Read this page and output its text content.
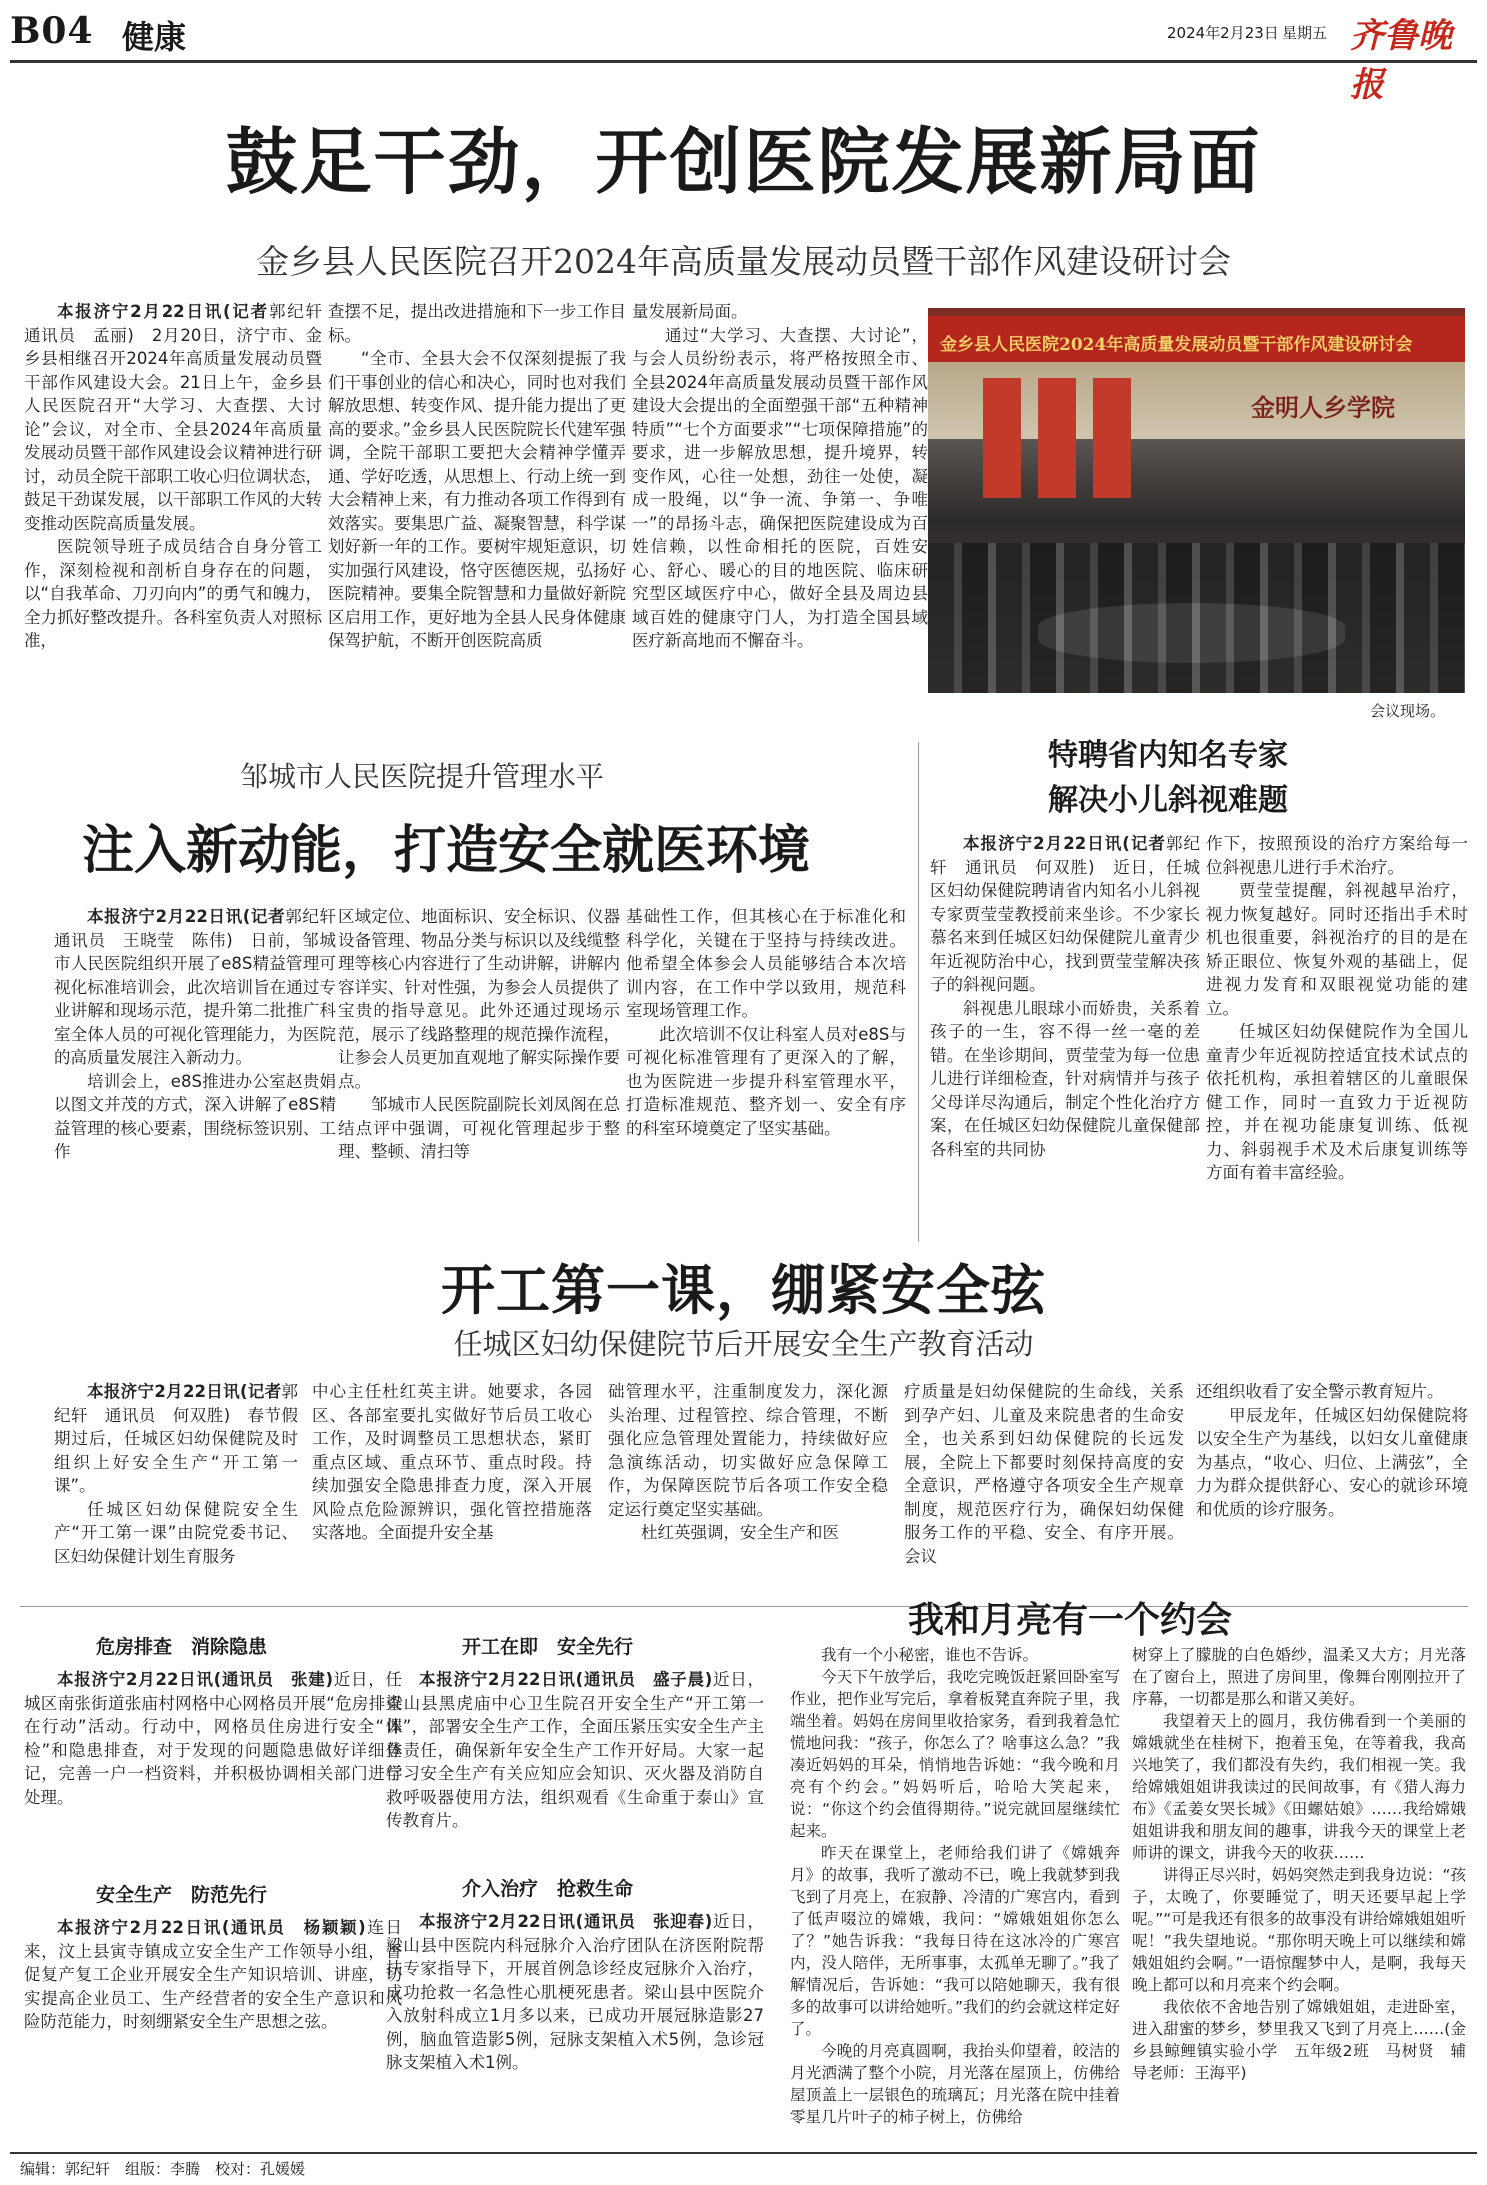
B04 健康	2024年2月23日 星期五 齐鲁晚报
鼓足干劲，开创医院发展新局面
金乡县人民医院召开2024年高质量发展动员暨干部作风建设研讨会

本报济宁2月22日讯(记者郭纪轩　通讯员　孟丽)　2月20日，济宁市、金乡县相继召开2024年高质量发展动员暨干部作风建设大会。21日上午，金乡县人民医院召开“大学习、大查摆、大讨论”会议，对全市、全县2024年高质量发展动员暨干部作风建设会议精神进行研讨，动员全院干部职工收心归位调状态，鼓足干劲谋发展，以干部职工作风的大转变推动医院高质量发展。

医院领导班子成员结合自身分管工作，深刻检视和剖析自身存在的问题，以“自我革命、刀刃向内”的勇气和魄力，全力抓好整改提升。各科室负责人对照标准，

查摆不足，提出改进措施和下一步工作目标。

“全市、全县大会不仅深刻提振了我们干事创业的信心和决心，同时也对我们解放思想、转变作风、提升能力提出了更高的要求。”金乡县人民医院院长代建军强调，全院干部职工要把大会精神学懂弄通、学好吃透，从思想上、行动上统一到大会精神上来，有力推动各项工作得到有效落实。要集思广益、凝聚智慧，科学谋划好新一年的工作。要树牢规矩意识，切实加强行风建设，恪守医德医规，弘扬好医院精神。要集全院智慧和力量做好新院区启用工作，更好地为全县人民身体健康保驾护航，不断开创医院高质

量发展新局面。

通过“大学习、大查摆、大讨论”，与会人员纷纷表示，将严格按照全市、全县2024年高质量发展动员暨干部作风建设大会提出的全面塑强干部“五种精神特质”“七个方面要求”“七项保障措施”的要求，进一步解放思想，提升境界，转变作风，心往一处想，劲往一处使，凝成一股绳，以“争一流、争第一、争唯一”的昂扬斗志，确保把医院建设成为百姓信赖，以性命相托的医院，百姓安心、舒心、暖心的目的地医院、临床研究型区域医疗中心，做好全县及周边县域百姓的健康守门人，为打造全国县域医疗新高地而不懈奋斗。

金乡县人民医院2024年高质量发展动员暨干部作风建设研讨会
金明人乡学院
会议现场。
邹城市人民医院提升管理水平
注入新动能，打造安全就医环境

本报济宁2月22日讯(记者郭纪轩　通讯员　王晓莹　陈伟)　日前，邹城市人民医院组织开展了e8S精益管理可视化标准培训会，此次培训旨在通过专业讲解和现场示范，提升第二批推广科室全体人员的可视化管理能力，为医院的高质量发展注入新动力。

培训会上，e8S推进办公室赵贵娟以图文并茂的方式，深入讲解了e8S精益管理的核心要素，围绕标签识别、工作

区域定位、地面标识、安全标识、仪器设备管理、物品分类与标识以及线缆整理等核心内容进行了生动讲解，讲解内容详实、针对性强，为参会人员提供了宝贵的指导意见。此外还通过现场示范，展示了线路整理的规范操作流程，让参会人员更加直观地了解实际操作要点。

邹城市人民医院副院长刘凤阁在总结点评中强调，可视化管理起步于整理、整顿、清扫等

基础性工作，但其核心在于标准化和科学化，关键在于坚持与持续改进。他希望全体参会人员能够结合本次培训内容，在工作中学以致用，规范科室现场管理工作。

此次培训不仅让科室人员对e8S与可视化标准管理有了更深入的了解，也为医院进一步提升科室管理水平，打造标准规范、整齐划一、安全有序的科室环境奠定了坚实基础。

特聘省内知名专家
解决小儿斜视难题

本报济宁2月22日讯(记者郭纪轩　通讯员　何双胜)　近日，任城区妇幼保健院聘请省内知名小儿斜视专家贾莹莹教授前来坐诊。不少家长慕名来到任城区妇幼保健院儿童青少年近视防治中心，找到贾莹莹解决孩子的斜视问题。

斜视患儿眼球小而娇贵，关系着孩子的一生，容不得一丝一毫的差错。在坐诊期间，贾莹莹为每一位患儿进行详细检查，针对病情并与孩子父母详尽沟通后，制定个性化治疗方案，在任城区妇幼保健院儿童保健部各科室的共同协

作下，按照预设的治疗方案给每一位斜视患儿进行手术治疗。

贾莹莹提醒，斜视越早治疗，视力恢复越好。同时还指出手术时机也很重要，斜视治疗的目的是在矫正眼位、恢复外观的基础上，促进视力发育和双眼视觉功能的建立。

任城区妇幼保健院作为全国儿童青少年近视防控适宜技术试点的依托机构，承担着辖区的儿童眼保健工作，同时一直致力于近视防控，并在视功能康复训练、低视力、斜弱视手术及术后康复训练等方面有着丰富经验。

开工第一课，绷紧安全弦
任城区妇幼保健院节后开展安全生产教育活动

本报济宁2月22日讯(记者郭纪轩　通讯员　何双胜)　春节假期过后，任城区妇幼保健院及时组织上好安全生产“开工第一课”。

任城区妇幼保健院安全生产“开工第一课”由院党委书记、区妇幼保健计划生育服务

中心主任杜红英主讲。她要求，各园区、各部室要扎实做好节后员工收心工作，及时调整员工思想状态，紧盯重点区域、重点环节、重点时段。持续加强安全隐患排查力度，深入开展风险点危险源辨识，强化管控措施落实落地。全面提升安全基

础管理水平，注重制度发力，深化源头治理、过程管控、综合管理，不断强化应急管理处置能力，持续做好应急演练活动，切实做好应急保障工作，为保障医院节后各项工作安全稳定运行奠定坚实基础。

杜红英强调，安全生产和医

疗质量是妇幼保健院的生命线，关系到孕产妇、儿童及来院患者的生命安全，也关系到妇幼保健院的长远发展，全院上下都要时刻保持高度的安全意识，严格遵守各项安全生产规章制度，规范医疗行为，确保妇幼保健服务工作的平稳、安全、有序开展。会议

还组织收看了安全警示教育短片。

甲辰龙年，任城区妇幼保健院将以安全生产为基线，以妇女儿童健康为基点，“收心、归位、上满弦”，全力为群众提供舒心、安心的就诊环境和优质的诊疗服务。

危房排查　消除隐患

本报济宁2月22日讯(通讯员　张建)近日，任城区南张街道张庙村网格中心网格员开展“危房排查在行动”活动。行动中，网格员住房进行安全“体检”和隐患排查，对于发现的问题隐患做好详细登记，完善一户一档资料，并积极协调相关部门进行处理。

安全生产　防范先行

本报济宁2月22日讯(通讯员　杨颖颖)连日来，汶上县寅寺镇成立安全生产工作领导小组，督促复产复工企业开展安全生产知识培训、讲座，切实提高企业员工、生产经营者的安全生产意识和风险防范能力，时刻绷紧安全生产思想之弦。

开工在即　安全先行

本报济宁2月22日讯(通讯员　盛子晨)近日，梁山县黑虎庙中心卫生院召开安全生产“开工第一课”，部署安全生产工作，全面压紧压实安全生产主体责任，确保新年安全生产工作开好局。大家一起学习安全生产有关应知应会知识、灭火器及消防自救呼吸器使用方法，组织观看《生命重于泰山》宣传教育片。

介入治疗　抢救生命

本报济宁2月22日讯(通讯员　张迎春)近日，梁山县中医院内科冠脉介入治疗团队在济医附院帮扶专家指导下，开展首例急诊经皮冠脉介入治疗，成功抢救一名急性心肌梗死患者。梁山县中医院介入放射科成立1月多以来，已成功开展冠脉造影27例，脑血管造影5例，冠脉支架植入术5例，急诊冠脉支架植入术1例。

我和月亮有一个约会

我有一个小秘密，谁也不告诉。

今天下午放学后，我吃完晚饭赶紧回卧室写作业，把作业写完后，拿着板凳直奔院子里，我端坐着。妈妈在房间里收拾家务，看到我着急忙慌地问我：“孩子，你怎么了？啥事这么急？”我凑近妈妈的耳朵，悄悄地告诉她：“我今晚和月亮有个约会。”妈妈听后，哈哈大笑起来，说：“你这个约会值得期待。”说完就回屋继续忙起来。

昨天在课堂上，老师给我们讲了《嫦娥奔月》的故事，我听了激动不已，晚上我就梦到我飞到了月亮上，在寂静、冷清的广寒宫内，看到了低声啜泣的嫦娥，我问：“嫦娥姐姐你怎么了？”她告诉我：“我每日待在这冰冷的广寒宫内，没人陪伴，无所事事，太孤单无聊了。”我了解情况后，告诉她：“我可以陪她聊天，我有很多的故事可以讲给她听。”我们的约会就这样定好了。

今晚的月亮真圆啊，我抬头仰望着，皎洁的月光洒满了整个小院，月光落在屋顶上，仿佛给屋顶盖上一层银色的琉璃瓦；月光落在院中挂着零星几片叶子的柿子树上，仿佛给

树穿上了朦胧的白色婚纱，温柔又大方；月光落在了窗台上，照进了房间里，像舞台刚刚拉开了序幕，一切都是那么和谐又美好。

我望着天上的圆月，我仿佛看到一个美丽的嫦娥就坐在桂树下，抱着玉兔，在等着我，我高兴地笑了，我们都没有失约，我们相视一笑。我给嫦娥姐姐讲我读过的民间故事，有《猎人海力布》《孟姜女哭长城》《田螺姑娘》……我给嫦娥姐姐讲我和朋友间的趣事，讲我今天的课堂上老师讲的课文，讲我今天的收获……

讲得正尽兴时，妈妈突然走到我身边说：“孩子，太晚了，你要睡觉了，明天还要早起上学呢。”“可是我还有很多的故事没有讲给嫦娥姐姐听呢！”我失望地说。“那你明天晚上可以继续和嫦娥姐姐约会啊。”一语惊醒梦中人，是啊，我每天晚上都可以和月亮来个约会啊。

我依依不舍地告别了嫦娥姐姐，走进卧室，进入甜蜜的梦乡，梦里我又飞到了月亮上……(金乡县鲸鲤镇实验小学　五年级2班　马树贤　辅导老师：王海平)

编辑：郭纪轩　组版：李腾　校对：孔媛媛
